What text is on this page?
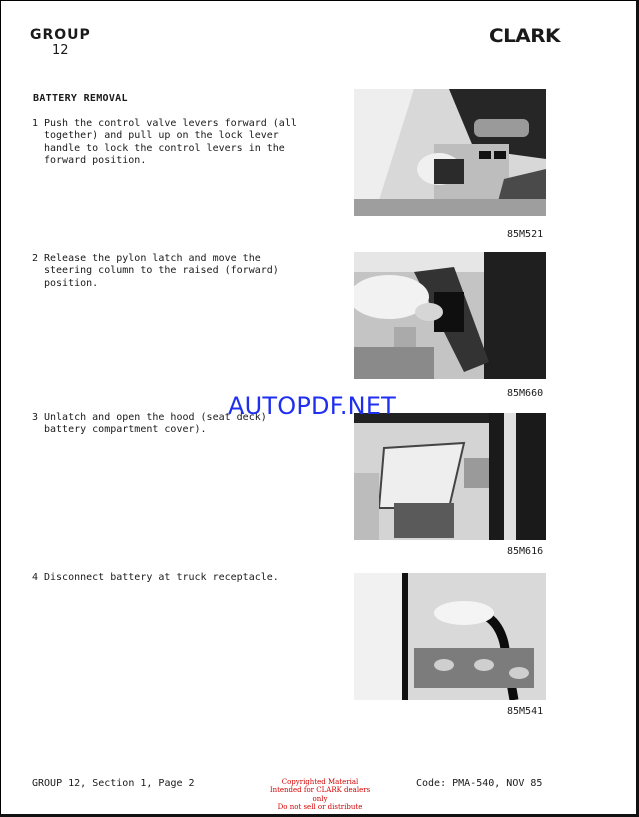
GROUP
12
CLARK
BATTERY REMOVAL
1 Push the control valve levers forward (all together) and pull up on the lock lever handle to lock the control levers in the forward position.
85M521
2 Release the pylon latch and move the steering column to the raised (forward) position.
85M660
3 Unlatch and open the hood (seat deck) battery compartment cover).
85M616
4 Disconnect battery at truck receptacle.
85M541
AUTOPDF.NET
GROUP 12, Section 1, Page 2	Copyrighted Material
Intended for CLARK dealers only
Do not sell or distribute
Code: PMA-540, NOV 85
